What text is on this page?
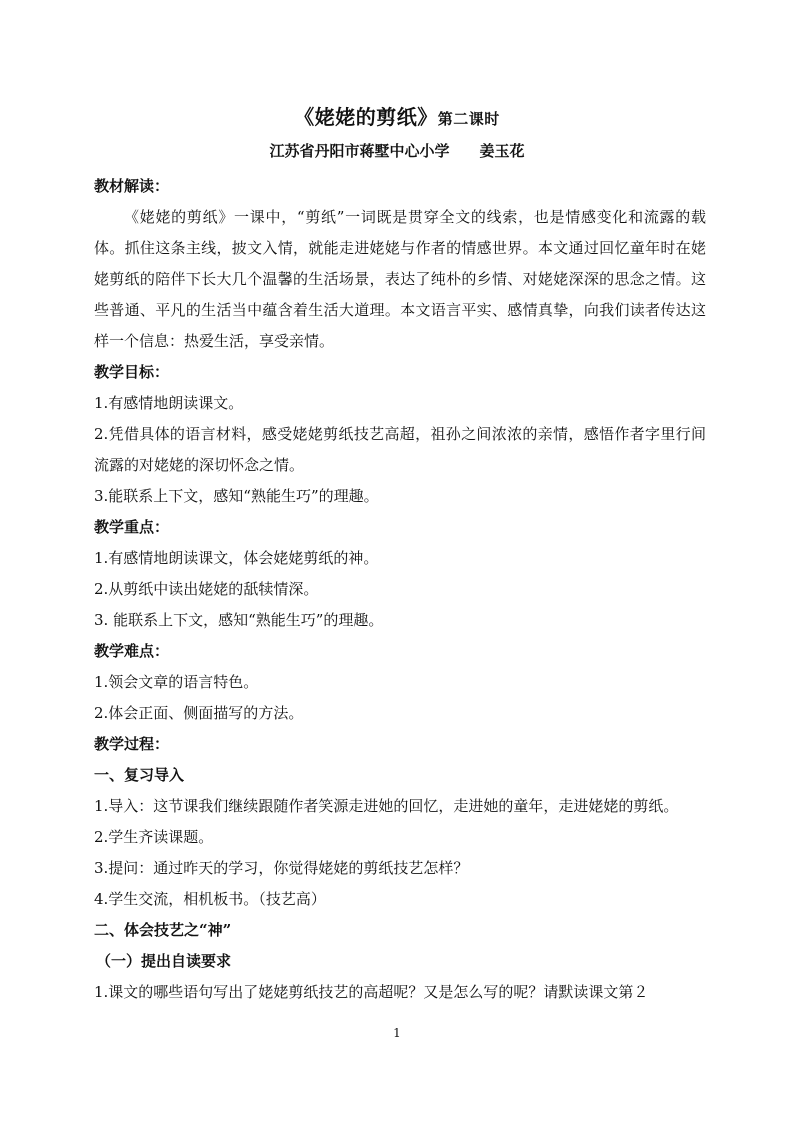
《姥姥的剪纸》第二课时
江苏省丹阳市蒋墅中心小学 姜玉花
教材解读：
《姥姥的剪纸》一课中，“剪纸”一词既是贯穿全文的线索，也是情感变化和流露的载体。抓住这条主线，披文入情，就能走进姥姥与作者的情感世界。本文通过回忆童年时在姥姥剪纸的陪伴下长大几个温馨的生活场景，表达了纯朴的乡情、对姥姥深深的思念之情。这些普通、平凡的生活当中蕴含着生活大道理。本文语言平实、感情真挚，向我们读者传达这样一个信息：热爱生活，享受亲情。
教学目标：
1.有感情地朗读课文。
2.凭借具体的语言材料，感受姥姥剪纸技艺高超，祖孙之间浓浓的亲情，感悟作者字里行间流露的对姥姥的深切怀念之情。
3.能联系上下文，感知“熟能生巧”的理趣。
教学重点：
1.有感情地朗读课文，体会姥姥剪纸的神。
2.从剪纸中读出姥姥的舐犊情深。
3. 能联系上下文，感知“熟能生巧”的理趣。
教学难点：
1.领会文章的语言特色。
2.体会正面、侧面描写的方法。
教学过程：
一、复习导入
1.导入：这节课我们继续跟随作者笑源走进她的回忆，走进她的童年，走进姥姥的剪纸。
2.学生齐读课题。
3.提问：通过昨天的学习，你觉得姥姥的剪纸技艺怎样？
4.学生交流，相机板书。（技艺高）
二、体会技艺之“神”
（一）提出自读要求
1.课文的哪些语句写出了姥姥剪纸技艺的高超呢？又是怎么写的呢？请默读课文第２
1
